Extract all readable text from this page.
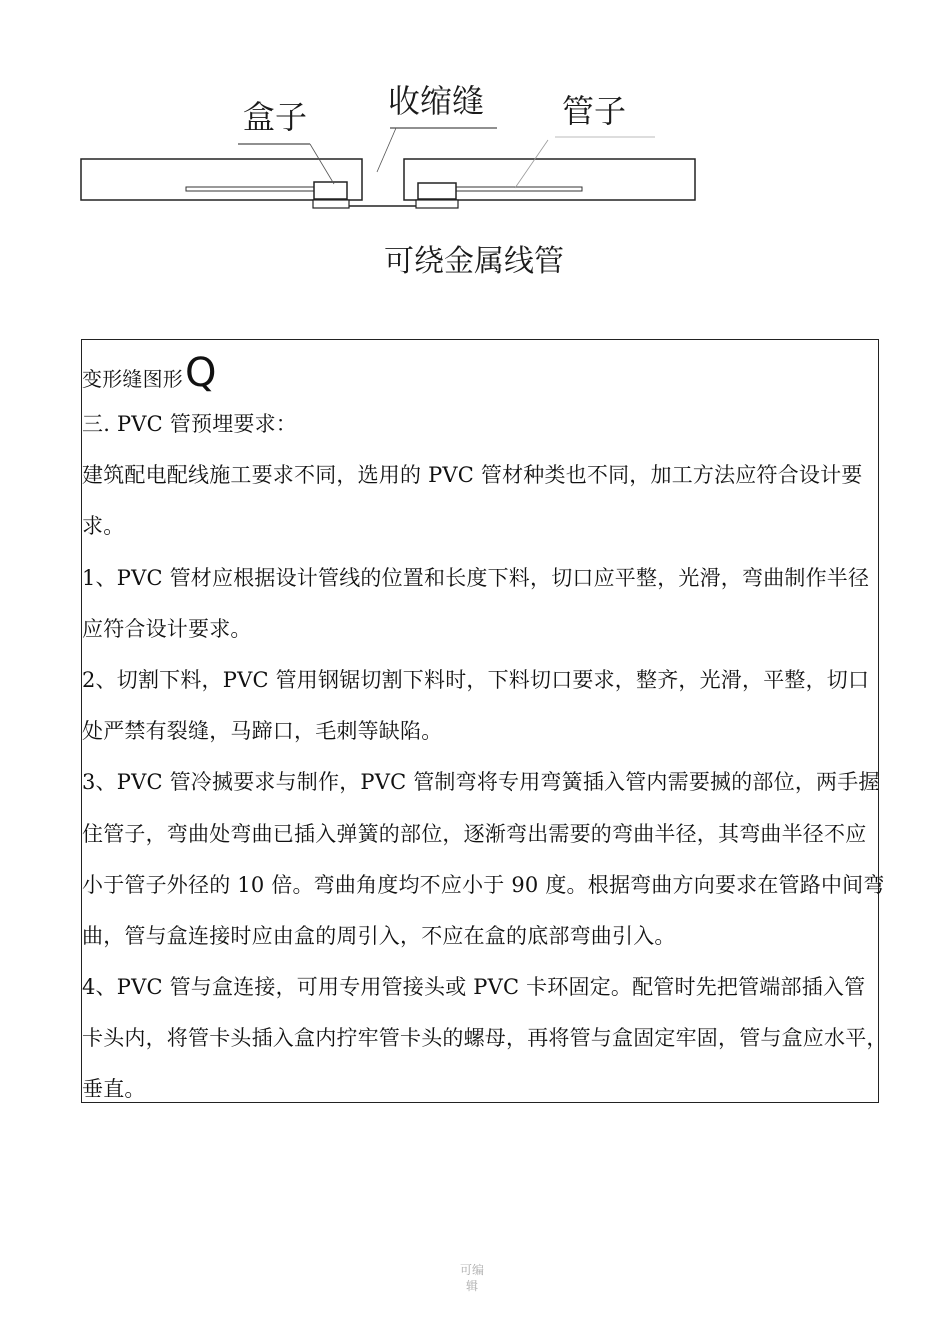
盒子	收缩缝 管子
可绕金属线管
变形缝图形 Q
三. PVC 管预埋要求：
建筑配电配线施工要求不同，选用的 PVC 管材种类也不同，加工方法应符合设计要
求。
1、PVC 管材应根据设计管线的位置和长度下料，切口应平整，光滑，弯曲制作半径
应符合设计要求。
2、切割下料，PVC 管用钢锯切割下料时，下料切口要求，整齐，光滑，平整，切口
处严禁有裂缝，马蹄口，毛刺等缺陷。
3、PVC 管冷搣要求与制作，PVC 管制弯将专用弯簧插入管内需要搣的部位，两手握
住管子，弯曲处弯曲已插入弹簧的部位，逐渐弯出需要的弯曲半径，其弯曲半径不应
小于管子外径的 10 倍。弯曲角度均不应小于 90 度。根据弯曲方向要求在管路中间弯
曲，管与盒连接时应由盒的周引入，不应在盒的底部弯曲引入。
4、PVC 管与盒连接，可用专用管接头或 PVC 卡环固定。配管时先把管端部插入管
卡头内，将管卡头插入盒内拧牢管卡头的螺母，再将管与盒固定牢固，管与盒应水平，
垂直。
可编
辑
